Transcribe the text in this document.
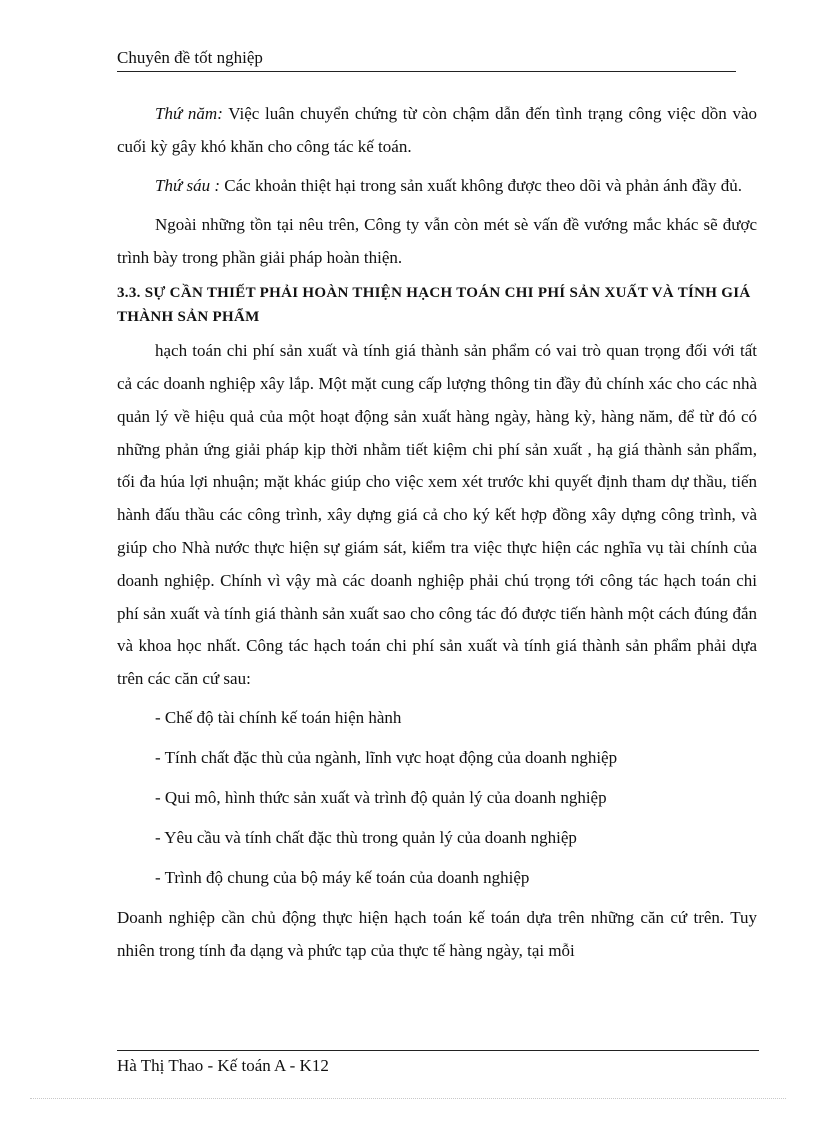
Chuyên đề tốt nghiệp

Thứ năm: Việc luân chuyển chứng từ còn chậm dẫn đến tình trạng công việc dồn vào cuối kỳ gây khó khăn cho công tác kế toán.

Thứ sáu : Các khoản thiệt hại trong sản xuất không được theo dõi và phản ánh đầy đủ.

Ngoài những tồn tại nêu trên, Công ty vẫn còn mét sè vấn đề vướng mắc khác sẽ được trình bày trong phần giải pháp hoàn thiện.

3.3. SỰ CẦN THIẾT PHẢI HOÀN THIỆN HẠCH TOÁN CHI PHÍ SẢN XUẤT VÀ TÍNH GIÁ THÀNH SẢN PHẨM

hạch toán chi phí sản xuất và tính giá thành sản phẩm có vai trò quan trọng đối với tất cả các doanh nghiệp xây lắp. Một mặt cung cấp lượng thông tin đầy đủ chính xác cho các nhà quản lý về hiệu quả của một hoạt động sản xuất hàng ngày, hàng kỳ, hàng năm, để từ đó có những phản ứng giải pháp kịp thời nhằm tiết kiệm chi phí sản xuất , hạ giá thành sản phẩm, tối đa húa lợi nhuận; mặt khác giúp cho việc xem xét trước khi quyết định tham dự thầu, tiến hành đấu thầu các công trình, xây dựng giá cả cho ký kết hợp đồng xây dựng công trình, và giúp cho Nhà nước thực hiện sự giám sát, kiểm tra việc thực hiện các nghĩa vụ tài chính của doanh nghiệp. Chính vì vậy mà các doanh nghiệp phải chú trọng tới công tác hạch toán chi phí sản xuất và tính giá thành sản xuất sao cho công tác đó được tiến hành một cách đúng đắn và khoa học nhất. Công tác hạch toán chi phí sản xuất và tính giá thành sản phẩm phải dựa trên các căn cứ sau:

- Chế độ tài chính kế toán hiện hành
- Tính chất đặc thù của ngành, lĩnh vực hoạt động của doanh nghiệp
- Qui mô, hình thức sản xuất và trình độ quản lý của doanh nghiệp
- Yêu cầu và tính chất đặc thù trong quản lý của doanh nghiệp
- Trình độ chung của bộ máy kế toán của doanh nghiệp

Doanh nghiệp cần chủ động thực hiện hạch toán kế toán dựa trên những căn cứ trên. Tuy nhiên trong tính đa dạng và phức tạp của thực tế hàng ngày, tại mỗi

Hà Thị Thao - Kế toán A - K12
